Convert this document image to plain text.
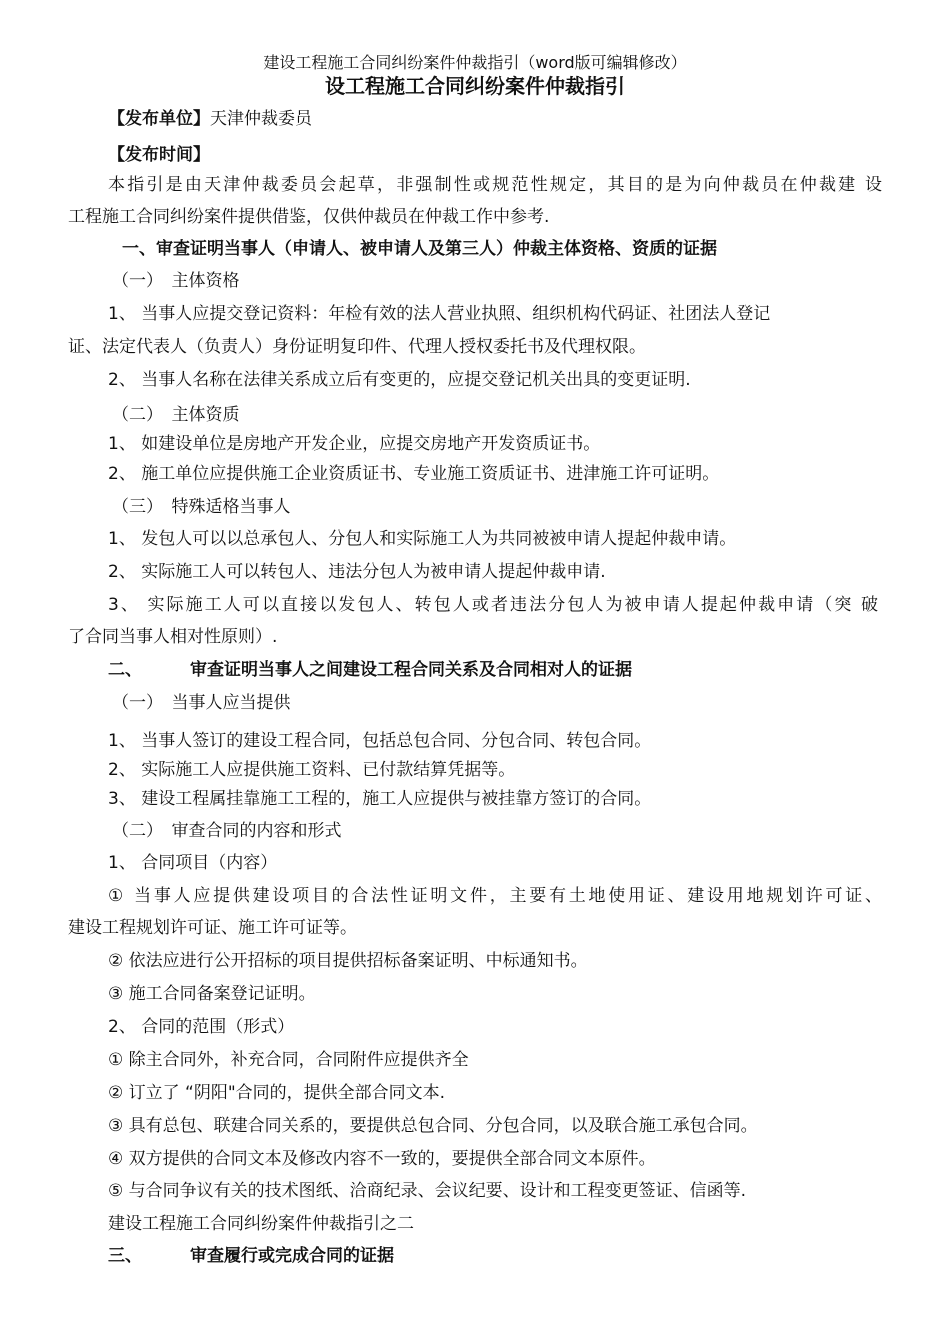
建设工程施工合同纠纷案件仲裁指引（word版可编辑修改）
设工程施工合同纠纷案件仲裁指引
【发布单位】天津仲裁委员
【发布时间】
本指引是由天津仲裁委员会起草，非强制性或规范性规定，其目的是为向仲裁员在仲裁建 设
工程施工合同纠纷案件提供借鉴，仅供仲裁员在仲裁工作中参考.
一、审查证明当事人（申请人、被申请人及第三人）仲裁主体资格、资质的证据
（一）　主体资格
1、 当事人应提交登记资料：年检有效的法人营业执照、组织机构代码证、社团法人登记
证、法定代表人（负责人）身份证明复印件、代理人授权委托书及代理权限。
2、 当事人名称在法律关系成立后有变更的，应提交登记机关出具的变更证明.
（二）　主体资质
1、 如建设单位是房地产开发企业，应提交房地产开发资质证书。
2、 施工单位应提供施工企业资质证书、专业施工资质证书、进津施工许可证明。
（三）　特殊适格当事人
1、 发包人可以以总承包人、分包人和实际施工人为共同被被申请人提起仲裁申请。
2、 实际施工人可以转包人、违法分包人为被申请人提起仲裁申请.
3、 实际施工人可以直接以发包人、转包人或者违法分包人为被申请人提起仲裁申请（突 破
了合同当事人相对性原则）.
二、	审查证明当事人之间建设工程合同关系及合同相对人的证据
（一）　当事人应当提供
1、 当事人签订的建设工程合同，包括总包合同、分包合同、转包合同。
2、 实际施工人应提供施工资料、已付款结算凭据等。
3、 建设工程属挂靠施工工程的，施工人应提供与被挂靠方签订的合同。
（二）　审查合同的内容和形式
1、 合同项目（内容）
① 当事人应提供建设项目的合法性证明文件，主要有土地使用证、建设用地规划许可证、
建设工程规划许可证、施工许可证等。
② 依法应进行公开招标的项目提供招标备案证明、中标通知书。
③ 施工合同备案登记证明。
2、 合同的范围（形式）
① 除主合同外，补充合同，合同附件应提供齐全
② 订立了 “阴阳"合同的，提供全部合同文本.
③ 具有总包、联建合同关系的，要提供总包合同、分包合同，以及联合施工承包合同。
④ 双方提供的合同文本及修改内容不一致的，要提供全部合同文本原件。
⑤ 与合同争议有关的技术图纸、洽商纪录、会议纪要、设计和工程变更签证、信函等.
建设工程施工合同纠纷案件仲裁指引之二
三、	审查履行或完成合同的证据
